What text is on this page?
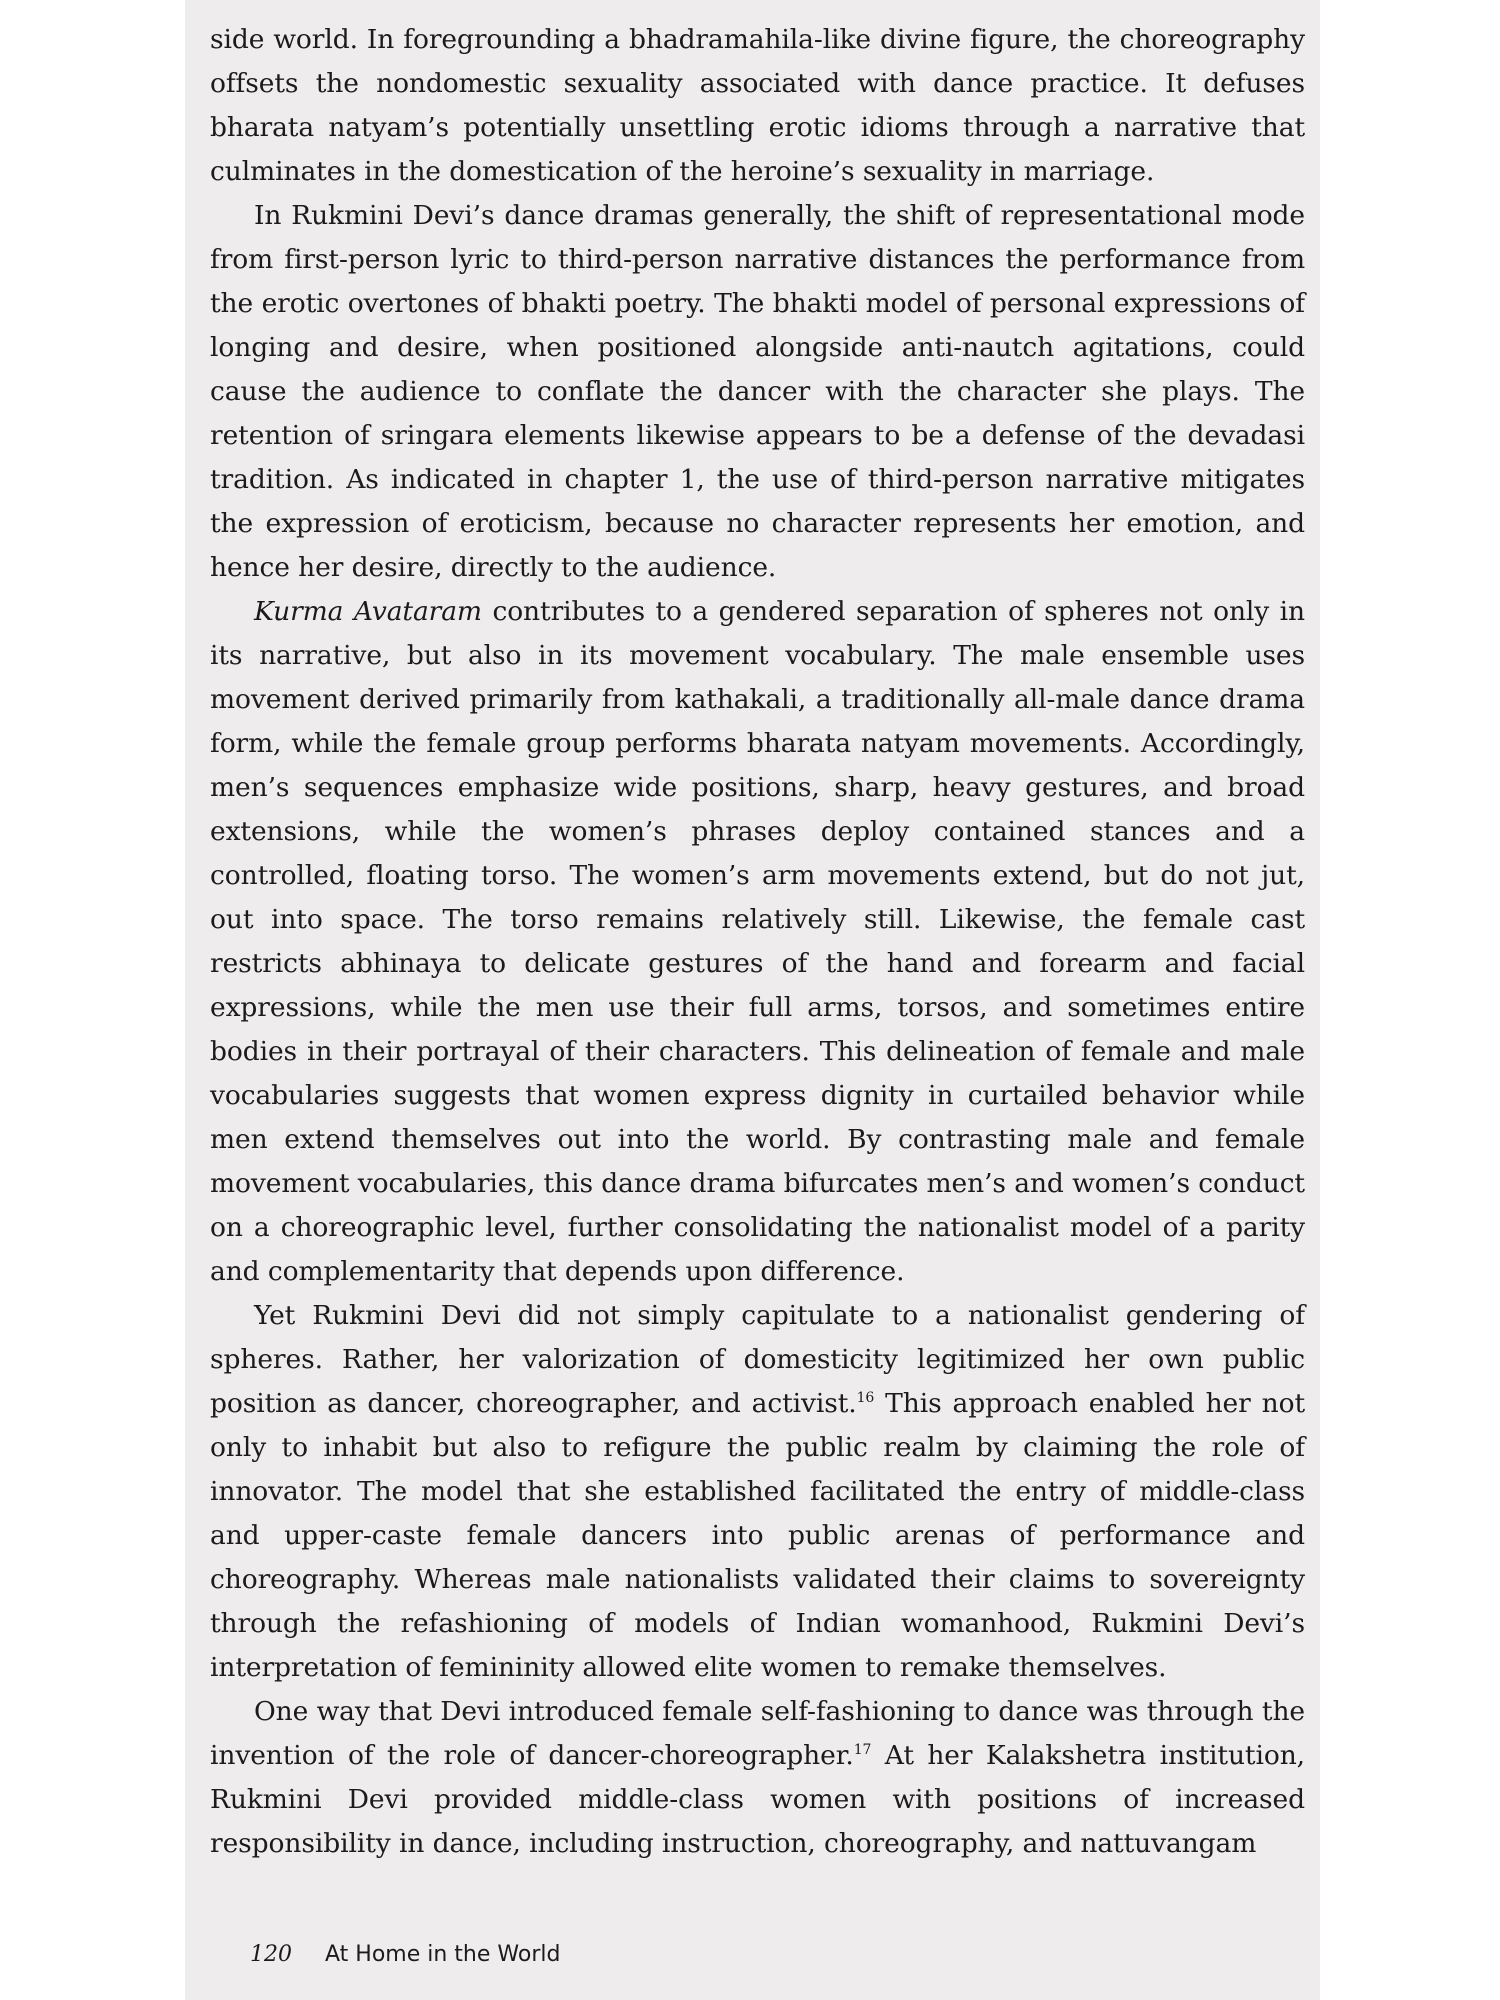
side world. In foregrounding a bhadramahila-like divine figure, the choreography offsets the nondomestic sexuality associated with dance practice. It defuses bharata natyam’s potentially unsettling erotic idioms through a narrative that culminates in the domestication of the heroine’s sexuality in marriage.

In Rukmini Devi’s dance dramas generally, the shift of representational mode from first-person lyric to third-person narrative distances the performance from the erotic overtones of bhakti poetry. The bhakti model of personal expressions of longing and desire, when positioned alongside anti-nautch agitations, could cause the audience to conflate the dancer with the character she plays. The retention of sringara elements likewise appears to be a defense of the devadasi tradition. As indicated in chapter 1, the use of third-person narrative mitigates the expression of eroticism, because no character represents her emotion, and hence her desire, directly to the audience.

Kurma Avataram contributes to a gendered separation of spheres not only in its narrative, but also in its movement vocabulary. The male ensemble uses movement derived primarily from kathakali, a traditionally all-male dance drama form, while the female group performs bharata natyam movements. Accordingly, men’s sequences emphasize wide positions, sharp, heavy gestures, and broad extensions, while the women’s phrases deploy contained stances and a controlled, floating torso. The women’s arm movements extend, but do not jut, out into space. The torso remains relatively still. Likewise, the female cast restricts abhinaya to delicate gestures of the hand and forearm and facial expressions, while the men use their full arms, torsos, and sometimes entire bodies in their portrayal of their characters. This delineation of female and male vocabularies suggests that women express dignity in curtailed behavior while men extend themselves out into the world. By contrasting male and female movement vocabularies, this dance drama bifurcates men’s and women’s conduct on a choreographic level, further consolidating the nationalist model of a parity and complementarity that depends upon difference.

Yet Rukmini Devi did not simply capitulate to a nationalist gendering of spheres. Rather, her valorization of domesticity legitimized her own public position as dancer, choreographer, and activist.$^{16}$ This approach enabled her not only to inhabit but also to refigure the public realm by claiming the role of innovator. The model that she established facilitated the entry of middle-class and upper-caste female dancers into public arenas of performance and choreography. Whereas male nationalists validated their claims to sovereignty through the refashioning of models of Indian womanhood, Rukmini Devi’s interpretation of femininity allowed elite women to remake themselves.

One way that Devi introduced female self-fashioning to dance was through the invention of the role of dancer-choreographer.$^{17}$ At her Kalakshetra institution, Rukmini Devi provided middle-class women with positions of increased responsibility in dance, including instruction, choreography, and nattuvangam

120 At Home in the World
